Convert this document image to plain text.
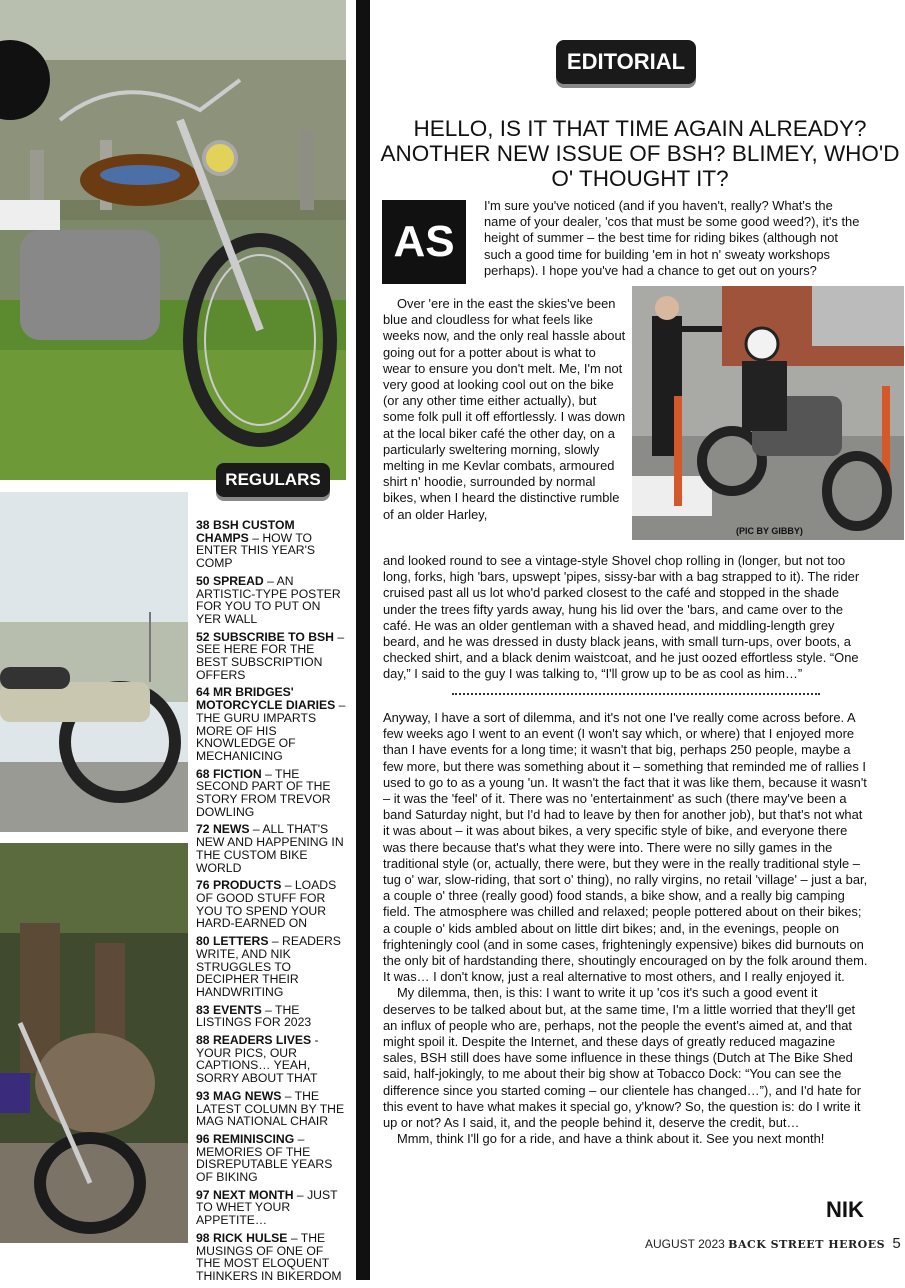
REGULARS
38 BSH CUSTOM CHAMPS – HOW TO ENTER THIS YEAR'S COMP
50 SPREAD – AN ARTISTIC-TYPE POSTER FOR YOU TO PUT ON YER WALL
52 SUBSCRIBE TO BSH – SEE HERE FOR THE BEST SUBSCRIPTION OFFERS
64 MR BRIDGES' MOTORCYCLE DIARIES – THE GURU IMPARTS MORE OF HIS KNOWLEDGE OF MECHANICING
68 FICTION – THE SECOND PART OF THE STORY FROM TREVOR DOWLING
72 NEWS – ALL THAT'S NEW AND HAPPENING IN THE CUSTOM BIKE WORLD
76 PRODUCTS – LOADS OF GOOD STUFF FOR YOU TO SPEND YOUR HARD-EARNED ON
80 LETTERS – READERS WRITE, AND NIK STRUGGLES TO DECIPHER THEIR HANDWRITING
83 EVENTS – THE LISTINGS FOR 2023
88 READERS LIVES - YOUR PICS, OUR CAPTIONS… YEAH, SORRY ABOUT THAT
93 MAG NEWS – THE LATEST COLUMN BY THE MAG NATIONAL CHAIR
96 REMINISCING – MEMORIES OF THE DISREPUTABLE YEARS OF BIKING
97 NEXT MONTH – JUST TO WHET YOUR APPETITE…
98 RICK HULSE – THE MUSINGS OF ONE OF THE MOST ELOQUENT THINKERS IN BIKERDOM
EDITORIAL
HELLO, IS IT THAT TIME AGAIN ALREADY? ANOTHER NEW ISSUE OF BSH? BLIMEY, WHO'D O' THOUGHT IT?
AS
I'm sure you've noticed (and if you haven't, really? What's the name of your dealer, 'cos that must be some good weed?), it's the height of summer – the best time for riding bikes (although not such a good time for building 'em in hot n' sweaty workshops perhaps). I hope you've had a chance to get out on yours?
Over 'ere in the east the skies've been blue and cloudless for what feels like weeks now, and the only real hassle about going out for a potter about is what to wear to ensure you don't melt. Me, I'm not very good at looking cool out on the bike (or any other time either actually), but some folk pull it off effortlessly. I was down at the local biker café the other day, on a particularly sweltering morning, slowly melting in me Kevlar combats, armoured shirt n' hoodie, surrounded by normal bikes, when I heard the distinctive rumble of an older Harley,
(PIC BY GIBBY)
and looked round to see a vintage-style Shovel chop rolling in (longer, but not too long, forks, high 'bars, upswept 'pipes, sissy-bar with a bag strapped to it). The rider cruised past all us lot who'd parked closest to the café and stopped in the shade under the trees fifty yards away, hung his lid over the 'bars, and came over to the café. He was an older gentleman with a shaved head, and middling-length grey beard, and he was dressed in dusty black jeans, with small turn-ups, over boots, a checked shirt, and a black denim waistcoat, and he just oozed effortless style. “One day,” I said to the guy I was talking to, “I'll grow up to be as cool as him…”
Anyway, I have a sort of dilemma, and it's not one I've really come across before. A few weeks ago I went to an event (I won't say which, or where) that I enjoyed more than I have events for a long time; it wasn't that big, perhaps 250 people, maybe a few more, but there was something about it – something that reminded me of rallies I used to go to as a young 'un. It wasn't the fact that it was like them, because it wasn't – it was the 'feel' of it. There was no 'entertainment' as such (there may've been a band Saturday night, but I'd had to leave by then for another job), but that's not what it was about – it was about bikes, a very specific style of bike, and everyone there was there because that's what they were into. There were no silly games in the traditional style (or, actually, there were, but they were in the really traditional style – tug o' war, slow-riding, that sort o' thing), no rally virgins, no retail 'village' – just a bar, a couple o' three (really good) food stands, a bike show, and a really big camping field. The atmosphere was chilled and relaxed; people pottered about on their bikes; a couple o' kids ambled about on little dirt bikes; and, in the evenings, people on frighteningly cool (and in some cases, frighteningly expensive) bikes did burnouts on the only bit of hardstanding there, shoutingly encouraged on by the folk around them. It was… I don't know, just a real alternative to most others, and I really enjoyed it.
My dilemma, then, is this: I want to write it up 'cos it's such a good event it deserves to be talked about but, at the same time, I'm a little worried that they'll get an influx of people who are, perhaps, not the people the event's aimed at, and that might spoil it. Despite the Internet, and these days of greatly reduced magazine sales, BSH still does have some influence in these things (Dutch at The Bike Shed said, half-jokingly, to me about their big show at Tobacco Dock: “You can see the difference since you started coming – our clientele has changed…”), and I'd hate for this event to have what makes it special go, y'know? So, the question is: do I write it up or not? As I said, it, and the people behind it, deserve the credit, but…
Mmm, think I'll go for a ride, and have a think about it. See you next month!
NIK
AUGUST 2023 BACK STREET HEROES 5
